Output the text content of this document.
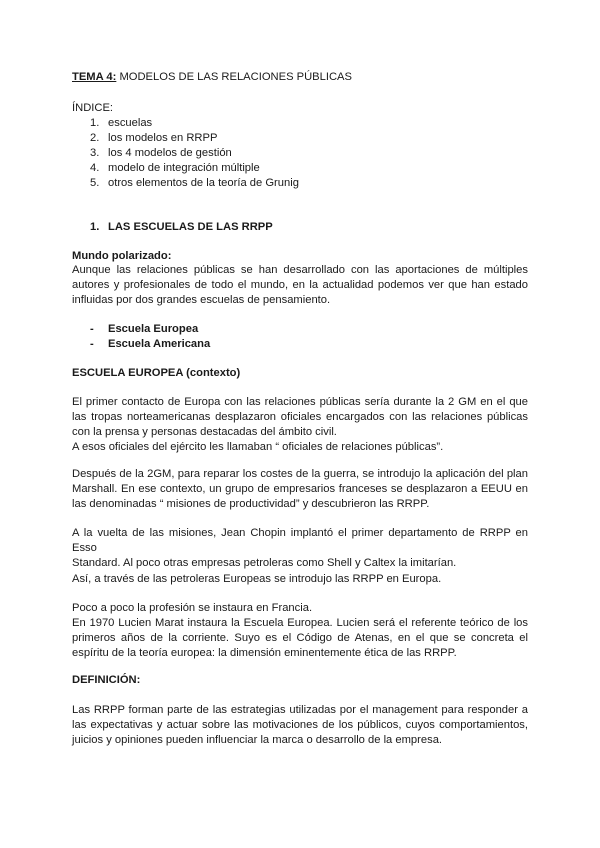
TEMA 4: MODELOS DE LAS RELACIONES PÚBLICAS
ÍNDICE:
1. escuelas
2. los modelos en RRPP
3. los 4 modelos de gestión
4. modelo de integración múltiple
5. otros elementos de la teoría de Grunig
1. LAS ESCUELAS DE LAS RRPP
Mundo polarizado:
Aunque las relaciones públicas se han desarrollado con las aportaciones de múltiples
autores y profesionales de todo el mundo, en la actualidad podemos ver que han estado
influidas por dos grandes escuelas de pensamiento.
- Escuela Europea
- Escuela Americana
ESCUELA EUROPEA (contexto)
El primer contacto de Europa con las relaciones públicas sería durante la 2 GM en el que
las tropas norteamericanas desplazaron oficiales encargados con las relaciones públicas
con la prensa y personas destacadas del ámbito civil.
A esos oficiales del ejército les llamaban “ oficiales de relaciones públicas”.
Después de la 2GM, para reparar los costes de la guerra, se introdujo la aplicación del plan
Marshall. En ese contexto, un grupo de empresarios franceses se desplazaron a EEUU en
las denominadas “ misiones de productividad” y descubrieron las RRPP.
A la vuelta de las misiones, Jean Chopin implantó el primer departamento de RRPP en Esso
Standard. Al poco otras empresas petroleras como Shell y Caltex la imitarían.
Así, a través de las petroleras Europeas se introdujo las RRPP en Europa.
Poco a poco la profesión se instaura en Francia.
En 1970 Lucien Marat instaura la Escuela Europea. Lucien será el referente teórico de los
primeros años de la corriente. Suyo es el Código de Atenas, en el que se concreta el
espíritu de la teoría europea: la dimensión eminentemente ética de las RRPP.
DEFINICIÓN:
Las RRPP forman parte de las estrategias utilizadas por el management para responder a
las expectativas y actuar sobre las motivaciones de los públicos, cuyos comportamientos,
juicios y opiniones pueden influenciar la marca o desarrollo de la empresa.
